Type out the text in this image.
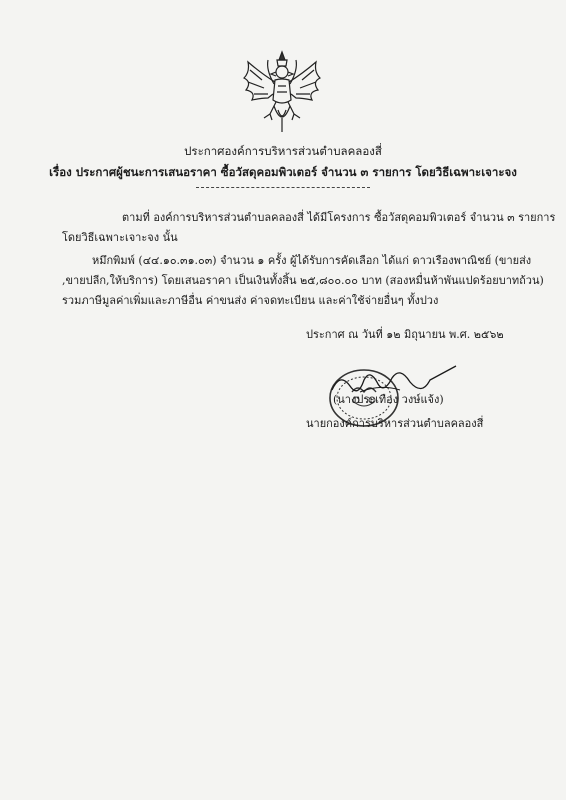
ประกาศองค์การบริหารส่วนตำบลคลองสี่
เรื่อง ประกาศผู้ชนะการเสนอราคา ซื้อวัสดุคอมพิวเตอร์ จำนวน ๓ รายการ โดยวิธีเฉพาะเจาะจง
ตามที่ องค์การบริหารส่วนตำบลคลองสี่ ได้มีโครงการ ซื้อวัสดุคอมพิวเตอร์ จำนวน ๓ รายการ
โดยวิธีเฉพาะเจาะจง นั้น
หมึกพิมพ์ (๔๔.๑๐.๓๑.๐๓) จำนวน ๑ ครั้ง ผู้ได้รับการคัดเลือก ได้แก่ ดาวเรืองพาณิชย์ (ขายส่ง
,ขายปลีก,ให้บริการ) โดยเสนอราคา เป็นเงินทั้งสิ้น ๒๕,๘๐๐.๐๐ บาท (สองหมื่นห้าพันแปดร้อยบาทถ้วน)
รวมภาษีมูลค่าเพิ่มและภาษีอื่น ค่าขนส่ง ค่าจดทะเบียน และค่าใช้จ่ายอื่นๆ ทั้งปวง
ประกาศ ณ วันที่ ๑๒ มิถุนายน พ.ศ. ๒๕๖๒
(นางประเทือง วงษ์แจ้ง)
นายกองค์การบริหารส่วนตำบลคลองสี่
